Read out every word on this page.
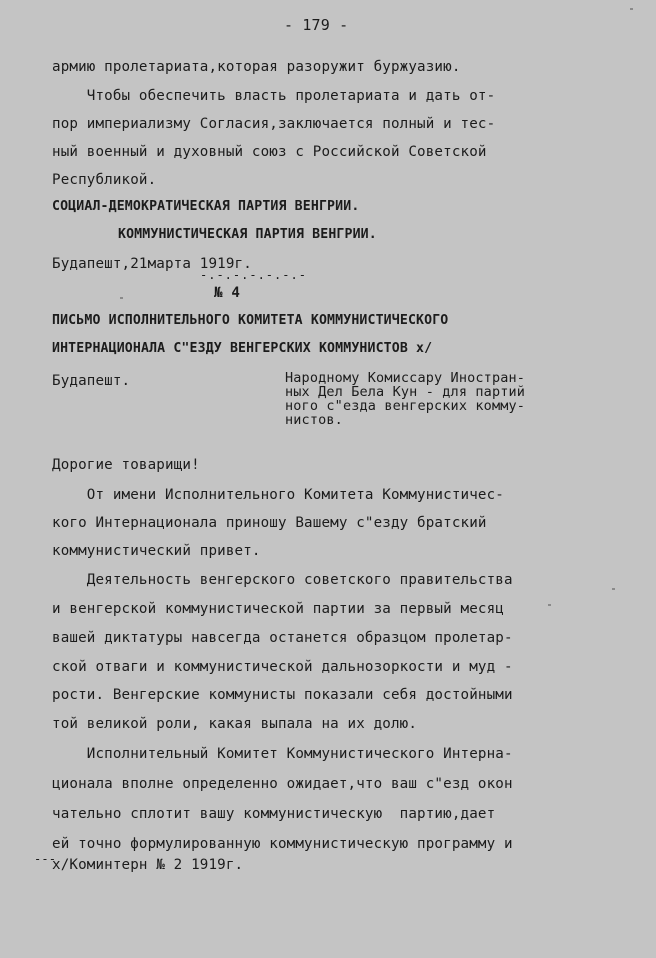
- 179 -
армию пролетариата,которая разоружит буржуазию.
Чтобы обеспечить власть пролетариата и дать от-
пор империализму Согласия,заключается полный и тес-
ный военный и духовный союз с Российской Советской
Республикой.
СОЦИАЛ-ДЕМОКРАТИЧЕСКАЯ ПАРТИЯ ВЕНГРИИ.
КОММУНИСТИЧЕСКАЯ ПАРТИЯ ВЕНГРИИ.
Будапешт,21марта 1919г.
-.-.-.-.-.-.-
№ 4
ПИСЬМО ИСПОЛНИТЕЛЬНОГО КОМИТЕТА КОММУНИСТИЧЕСКОГО
ИНТЕРНАЦИОНАЛА С"ЕЗДУ ВЕНГЕРСКИХ КОММУНИСТОВ x/
Будапешт.	Народному Комиссару Иностран-
ных Дел Бела Кун - для партий
ного с"езда венгерских комму-
нистов.
Дорогие товарищи!
От имени Исполнительного Комитета Коммунистичес-
кого Интернационала приношу Вашему с"езду братский
коммунистический привет.
Деятельность венгерского советского правительства
и венгерской коммунистической партии за первый месяц
вашей диктатуры навсегда останется образцом пролетар-
ской отваги и коммунистической дальнозоркости и муд -
рости. Венгерские коммунисты показали себя достойными
той великой роли, какая выпала на их долю.
Исполнительный Комитет Коммунистического Интерна-
ционала вполне определенно ожидает,что ваш с"езд окон
чательно сплотит вашу коммунистическую  партию,дает
ей точно формулированную коммунистическую программу и
---
x/Коминтерн № 2 1919г.
